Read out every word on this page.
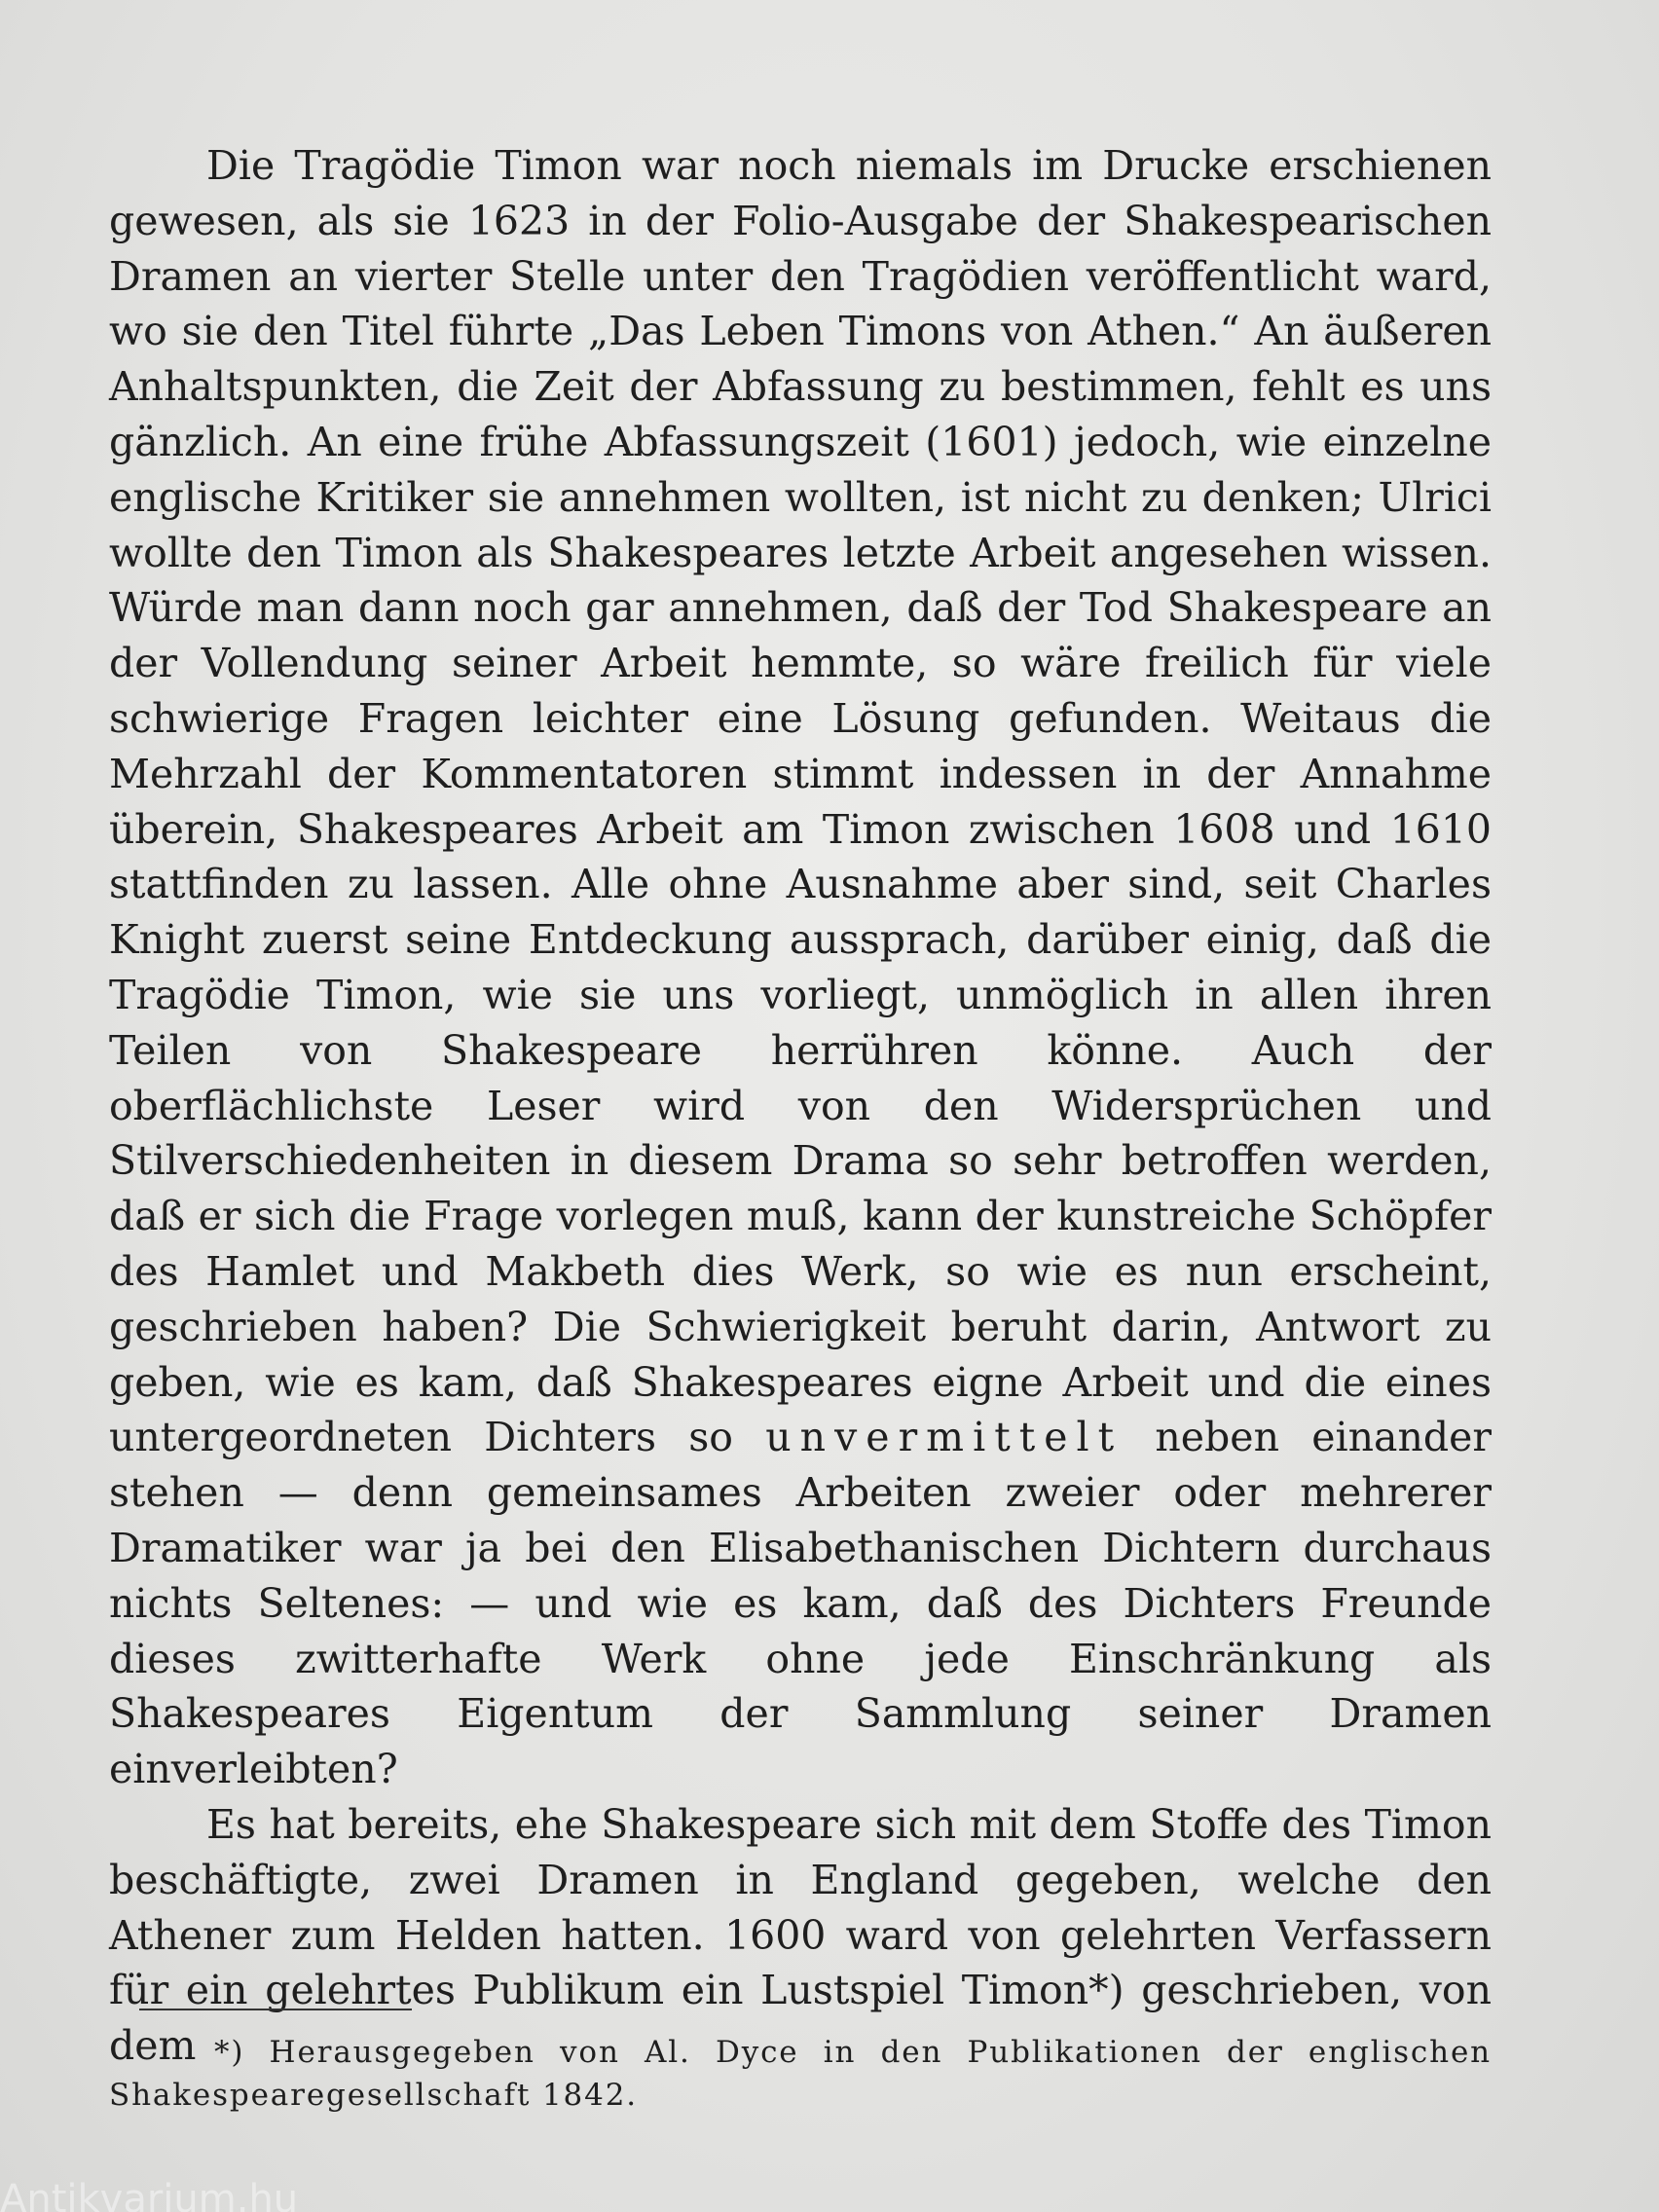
Die Tragödie Timon war noch niemals im Drucke erschienen gewesen, als sie 1623 in der Folio-Ausgabe der Shakespearischen Dramen an vierter Stelle unter den Tragödien veröffentlicht ward, wo sie den Titel führte „Das Leben Timons von Athen.“ An äußeren Anhaltspunkten, die Zeit der Abfassung zu bestimmen, fehlt es uns gänzlich. An eine frühe Abfassungszeit (1601) jedoch, wie einzelne englische Kritiker sie annehmen wollten, ist nicht zu denken; Ulrici wollte den Timon als Shakespeares letzte Arbeit angesehen wissen. Würde man dann noch gar annehmen, daß der Tod Shakespeare an der Vollendung seiner Arbeit hemmte, so wäre freilich für viele schwierige Fragen leichter eine Lösung gefunden. Weitaus die Mehrzahl der Kommentatoren stimmt indessen in der Annahme überein, Shakespeares Arbeit am Timon zwischen 1608 und 1610 stattfinden zu lassen. Alle ohne Ausnahme aber sind, seit Charles Knight zuerst seine Entdeckung aussprach, darüber einig, daß die Tragödie Timon, wie sie uns vorliegt, unmöglich in allen ihren Teilen von Shakespeare herrühren könne. Auch der oberflächlichste Leser wird von den Widersprüchen und Stilverschiedenheiten in diesem Drama so sehr betroffen werden, daß er sich die Frage vorlegen muß, kann der kunstreiche Schöpfer des Hamlet und Makbeth dies Werk, so wie es nun erscheint, geschrieben haben? Die Schwierigkeit beruht darin, Antwort zu geben, wie es kam, daß Shakespeares eigne Arbeit und die eines untergeordneten Dichters so unvermittelt neben einander stehen — denn gemeinsames Arbeiten zweier oder mehrerer Dramatiker war ja bei den Elisabethanischen Dichtern durchaus nichts Seltenes: — und wie es kam, daß des Dichters Freunde dieses zwitterhafte Werk ohne jede Einschränkung als Shakespeares Eigentum der Sammlung seiner Dramen einverleibten?

Es hat bereits, ehe Shakespeare sich mit dem Stoffe des Timon beschäftigte, zwei Dramen in England gegeben, welche den Athener zum Helden hatten. 1600 ward von gelehrten Verfassern für ein gelehrtes Publikum ein Lustspiel Timon*) geschrieben, von dem *) Herausgegeben von Al. Dyce in den Publikationen der englischen Shakespearegesellschaft 1842.
Antikvarium.hu
